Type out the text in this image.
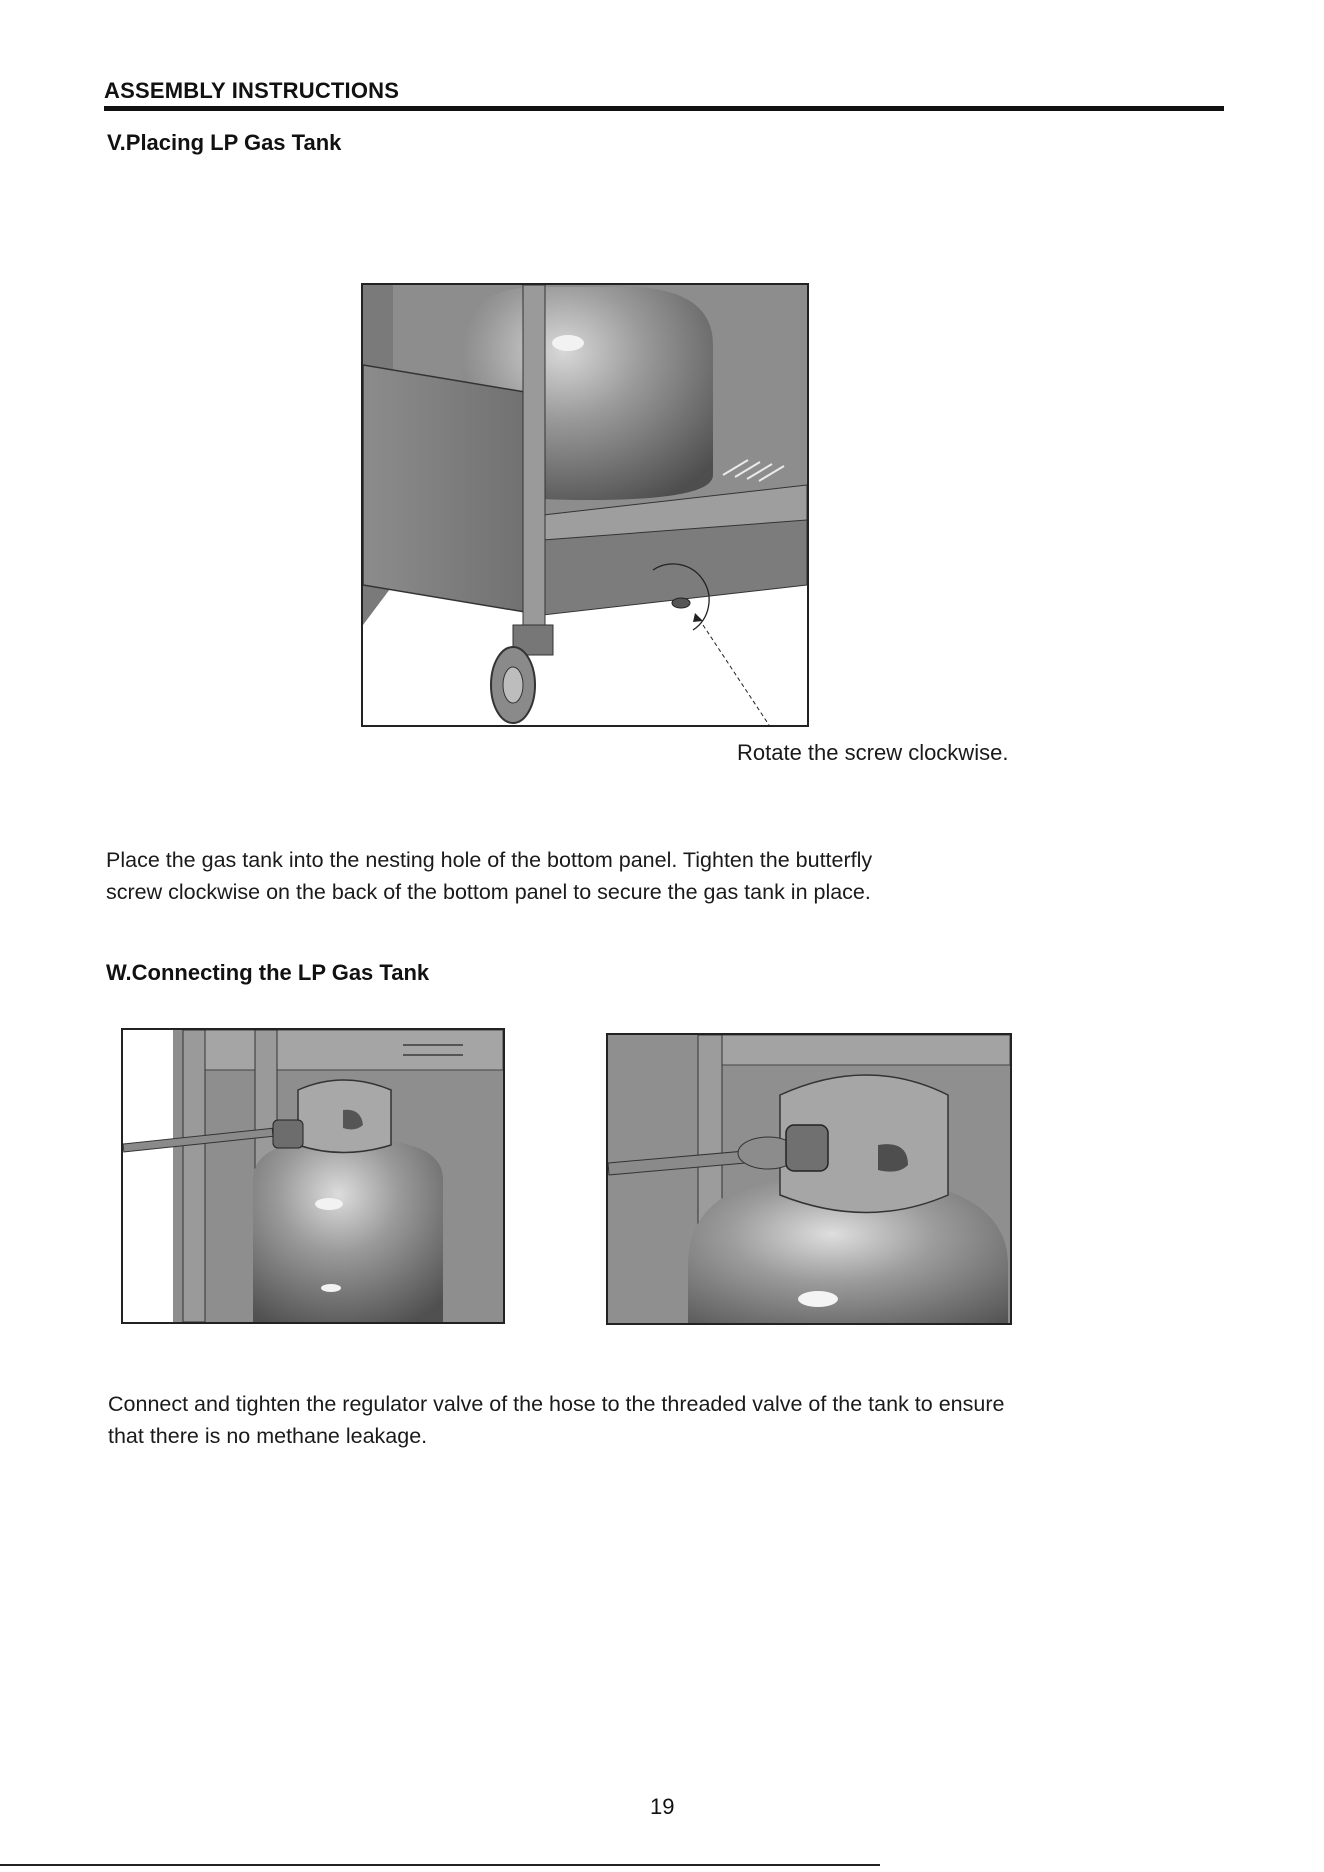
ASSEMBLY INSTRUCTIONS
V.Placing LP Gas Tank
Rotate the screw clockwise.
Place the gas tank into the nesting hole of the bottom panel. Tighten the butterfly
screw clockwise on the back of the bottom panel to secure the gas tank in place.
W.Connecting the LP Gas Tank
Connect and tighten the regulator valve of the hose to the threaded valve of the tank to ensure
that there is no methane leakage.
19
